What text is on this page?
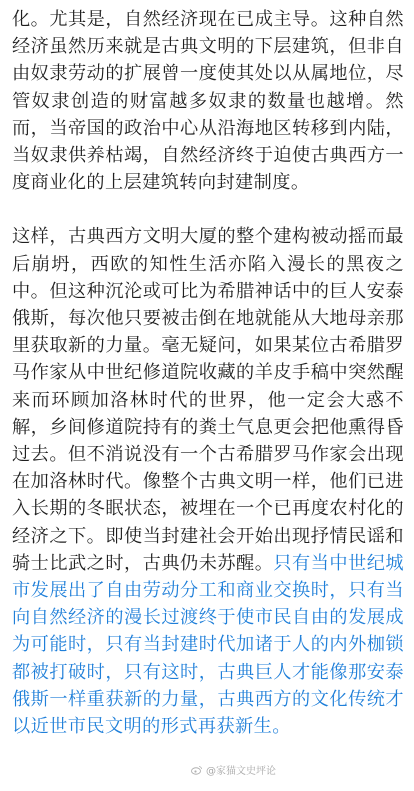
化。尤其是，自然经济现在已成主导。这种自然经济虽然历来就是古典文明的下层建筑，但非自由奴隶劳动的扩展曾一度使其处以从属地位，尽管奴隶创造的财富越多奴隶的数量也越增。然而，当帝国的政治中心从沿海地区转移到内陆，当奴隶供养枯竭，自然经济终于迫使古典西方一度商业化的上层建筑转向封建制度。

这样，古典西方文明大厦的整个建构被动摇而最后崩坍，西欧的知性生活亦陷入漫长的黑夜之中。但这种沉沦或可比为希腊神话中的巨人安泰俄斯，每次他只要被击倒在地就能从大地母亲那里获取新的力量。毫无疑问，如果某位古希腊罗马作家从中世纪修道院收藏的羊皮手稿中突然醒来而环顾加洛林时代的世界，他一定会大惑不解，乡间修道院持有的粪土气息更会把他熏得昏过去。但不消说没有一个古希腊罗马作家会出现在加洛林时代。像整个古典文明一样，他们已进入长期的冬眠状态，被埋在一个已再度农村化的经济之下。即使当封建社会开始出现抒情民谣和骑士比武之时，古典仍未苏醒。只有当中世纪城市发展出了自由劳动分工和商业交换时，只有当向自然经济的漫长过渡终于使市民自由的发展成为可能时，只有当封建时代加诸于人的内外枷锁都被打破时，只有这时，古典巨人才能像那安泰俄斯一样重获新的力量，古典西方的文化传统才以近世市民文明的形式再获新生。

@家猫文史坪论
